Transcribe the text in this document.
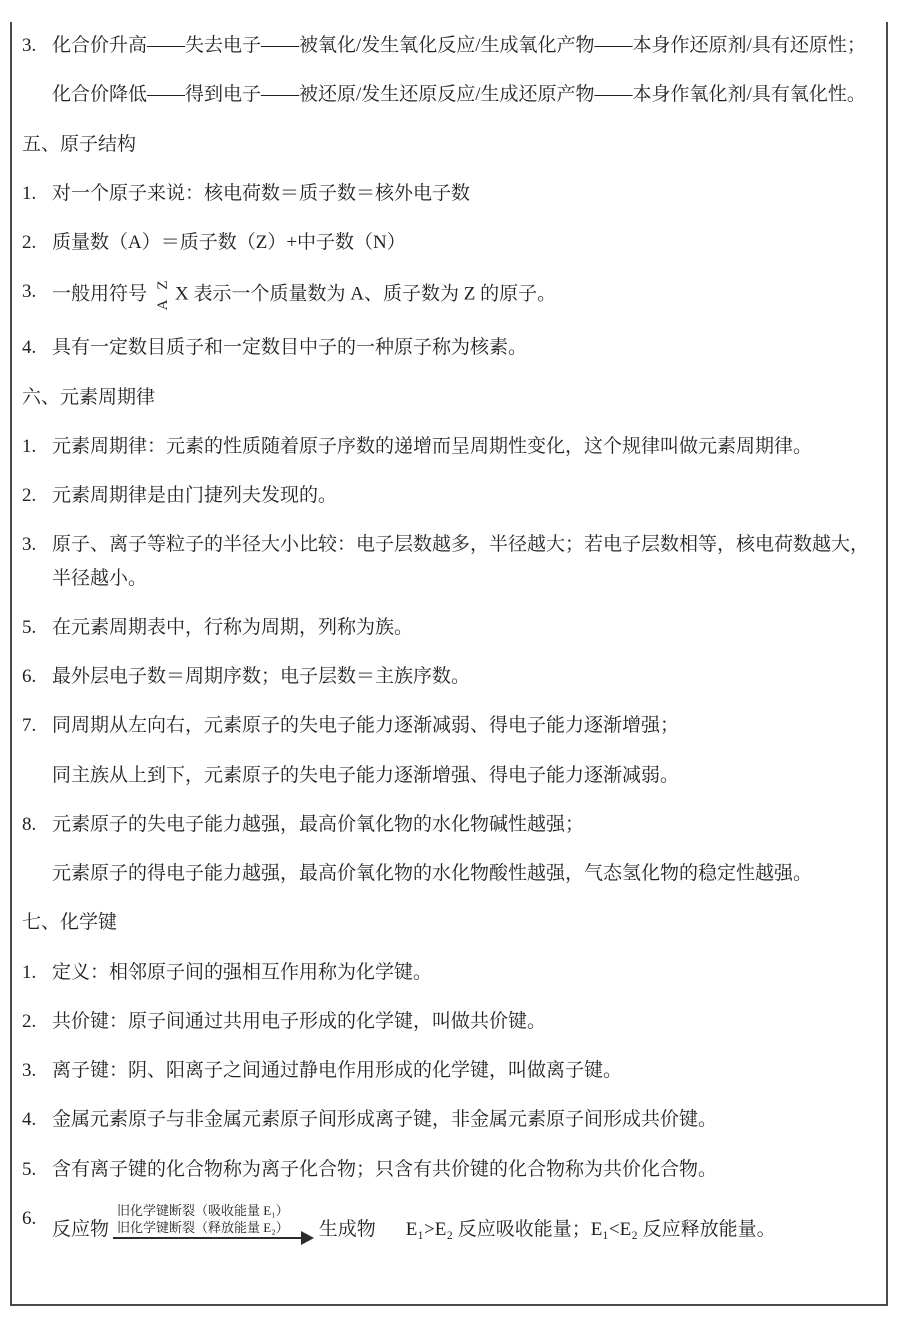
3. 化合价升高——失去电子——被氧化/发生氧化反应/生成氧化产物——本身作还原剂/具有还原性；
化合价降低——得到电子——被还原/发生还原反应/生成还原产物——本身作氧化剂/具有氧化性。
五、原子结构
1. 对一个原子来说：核电荷数＝质子数＝核外电子数
2. 质量数（A）＝质子数（Z）+中子数（N）
3. 一般用符号 Z
A
X 表示一个质量数为 A、质子数为 Z 的原子。
4. 具有一定数目质子和一定数目中子的一种原子称为核素。
六、元素周期律
1. 元素周期律：元素的性质随着原子序数的递增而呈周期性变化，这个规律叫做元素周期律。
2. 元素周期律是由门捷列夫发现的。
3. 原子、离子等粒子的半径大小比较：电子层数越多，半径越大；若电子层数相等，核电荷数越大，半径越小。
5. 在元素周期表中，行称为周期，列称为族。
6. 最外层电子数＝周期序数；电子层数＝主族序数。
7. 同周期从左向右，元素原子的失电子能力逐渐减弱、得电子能力逐渐增强；
同主族从上到下，元素原子的失电子能力逐渐增强、得电子能力逐渐减弱。
8. 元素原子的失电子能力越强，最高价氧化物的水化物碱性越强；
元素原子的得电子能力越强，最高价氧化物的水化物酸性越强，气态氢化物的稳定性越强。
七、化学键
1. 定义：相邻原子间的强相互作用称为化学键。
2. 共价键：原子间通过共用电子形成的化学键，叫做共价键。
3. 离子键：阴、阳离子之间通过静电作用形成的化学键，叫做离子键。
4. 金属元素原子与非金属元素原子间形成离子键，非金属元素原子间形成共价键。
5. 含有离子键的化合物称为离子化合物；只含有共价键的化合物称为共价化合物。
6.
反应物
旧化学键断裂（吸收能量 E₁）
旧化学键断裂（释放能量 E₂）	生成物 E₁>E₂ 反应吸收能量；E₁<E₂ 反应释放能量。
